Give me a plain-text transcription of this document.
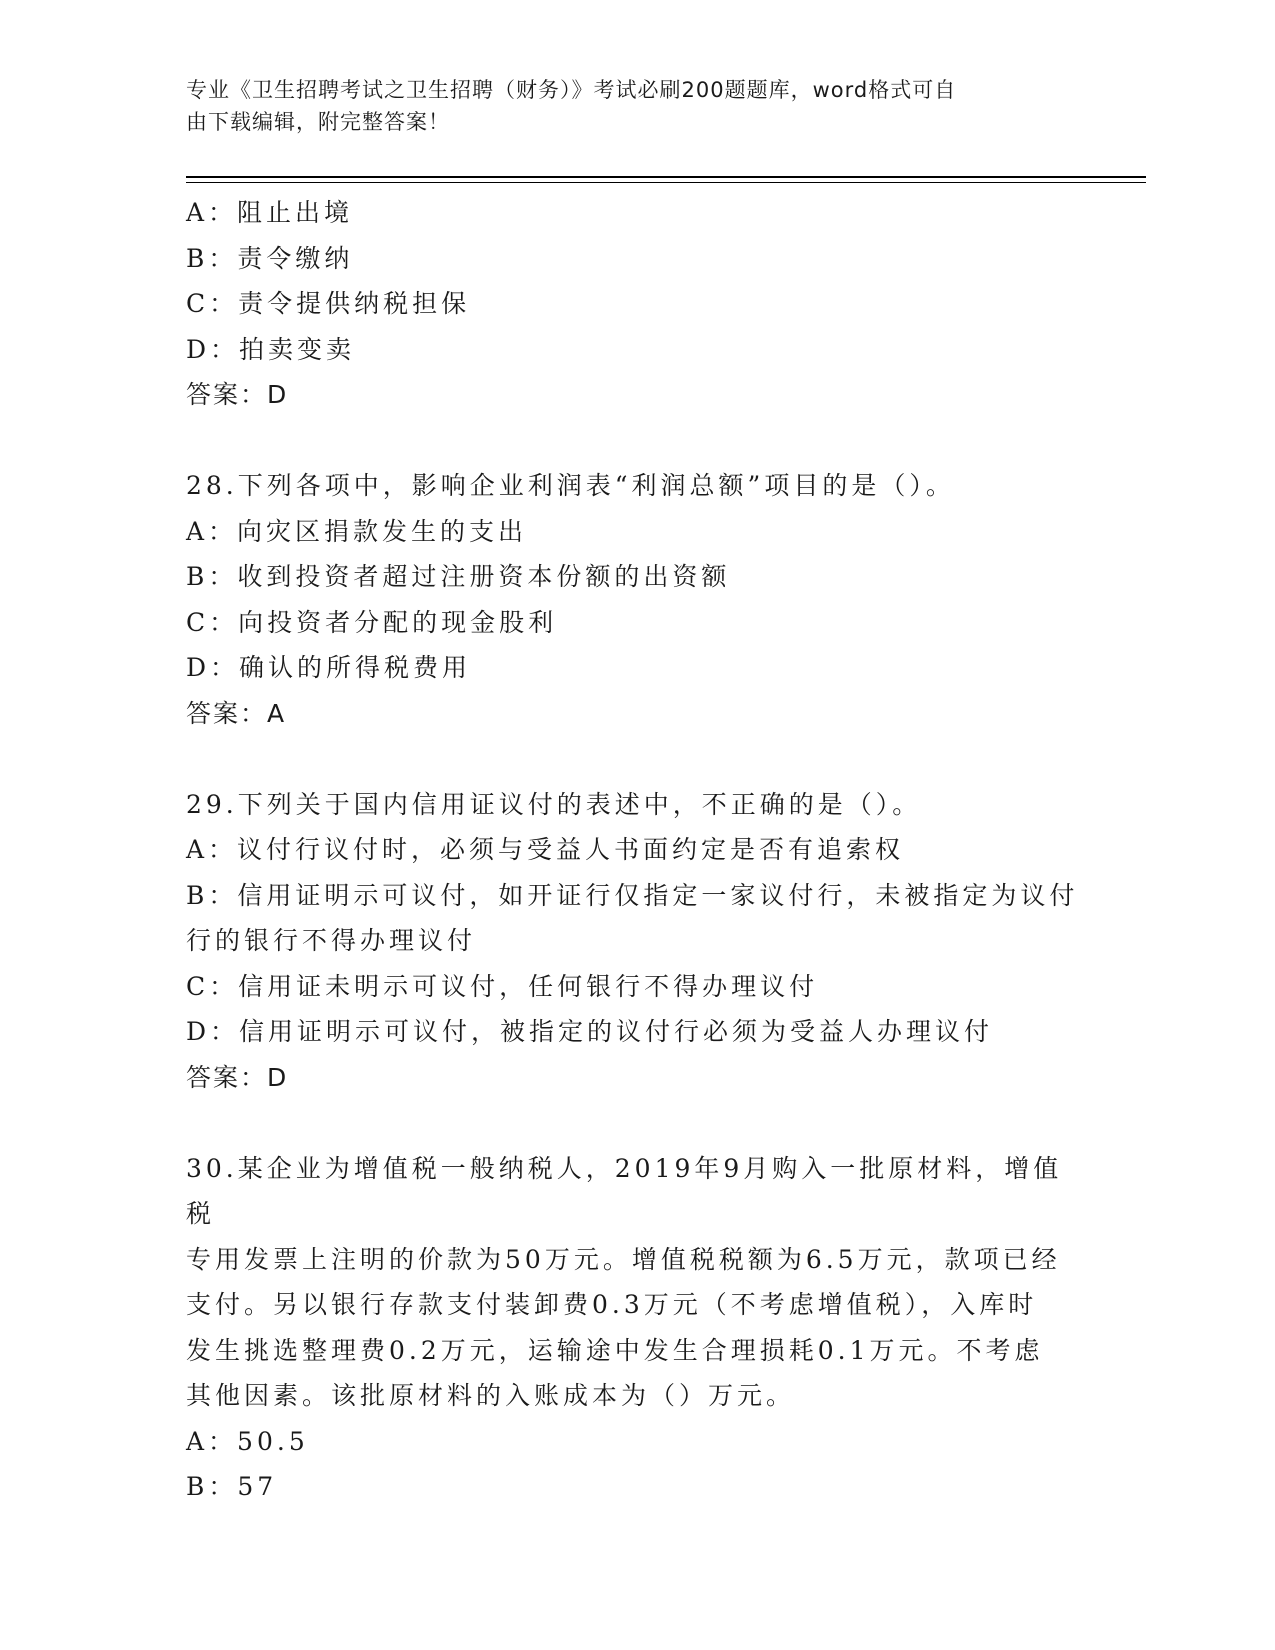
专业《卫生招聘考试之卫生招聘（财务）》考试必刷200题题库，word格式可自
由下载编辑，附完整答案！
A：阻止出境
B：责令缴纳
C：责令提供纳税担保
D：拍卖变卖
答案：D
28.下列各项中，影响企业利润表“利润总额”项目的是（）。
A：向灾区捐款发生的支出
B：收到投资者超过注册资本份额的出资额
C：向投资者分配的现金股利
D：确认的所得税费用
答案：A
29.下列关于国内信用证议付的表述中，不正确的是（）。
A：议付行议付时，必须与受益人书面约定是否有追索权
B：信用证明示可议付，如开证行仅指定一家议付行，未被指定为议付
行的银行不得办理议付
C：信用证未明示可议付，任何银行不得办理议付
D：信用证明示可议付，被指定的议付行必须为受益人办理议付
答案：D
30.某企业为增值税一般纳税人，2019年9月购入一批原材料，增值税
专用发票上注明的价款为50万元。增值税税额为6.5万元，款项已经
支付。另以银行存款支付装卸费0.3万元（不考虑增值税），入库时
发生挑选整理费0.2万元，运输途中发生合理损耗0.1万元。不考虑
其他因素。该批原材料的入账成本为（）万元。
A：50.5
B：57
